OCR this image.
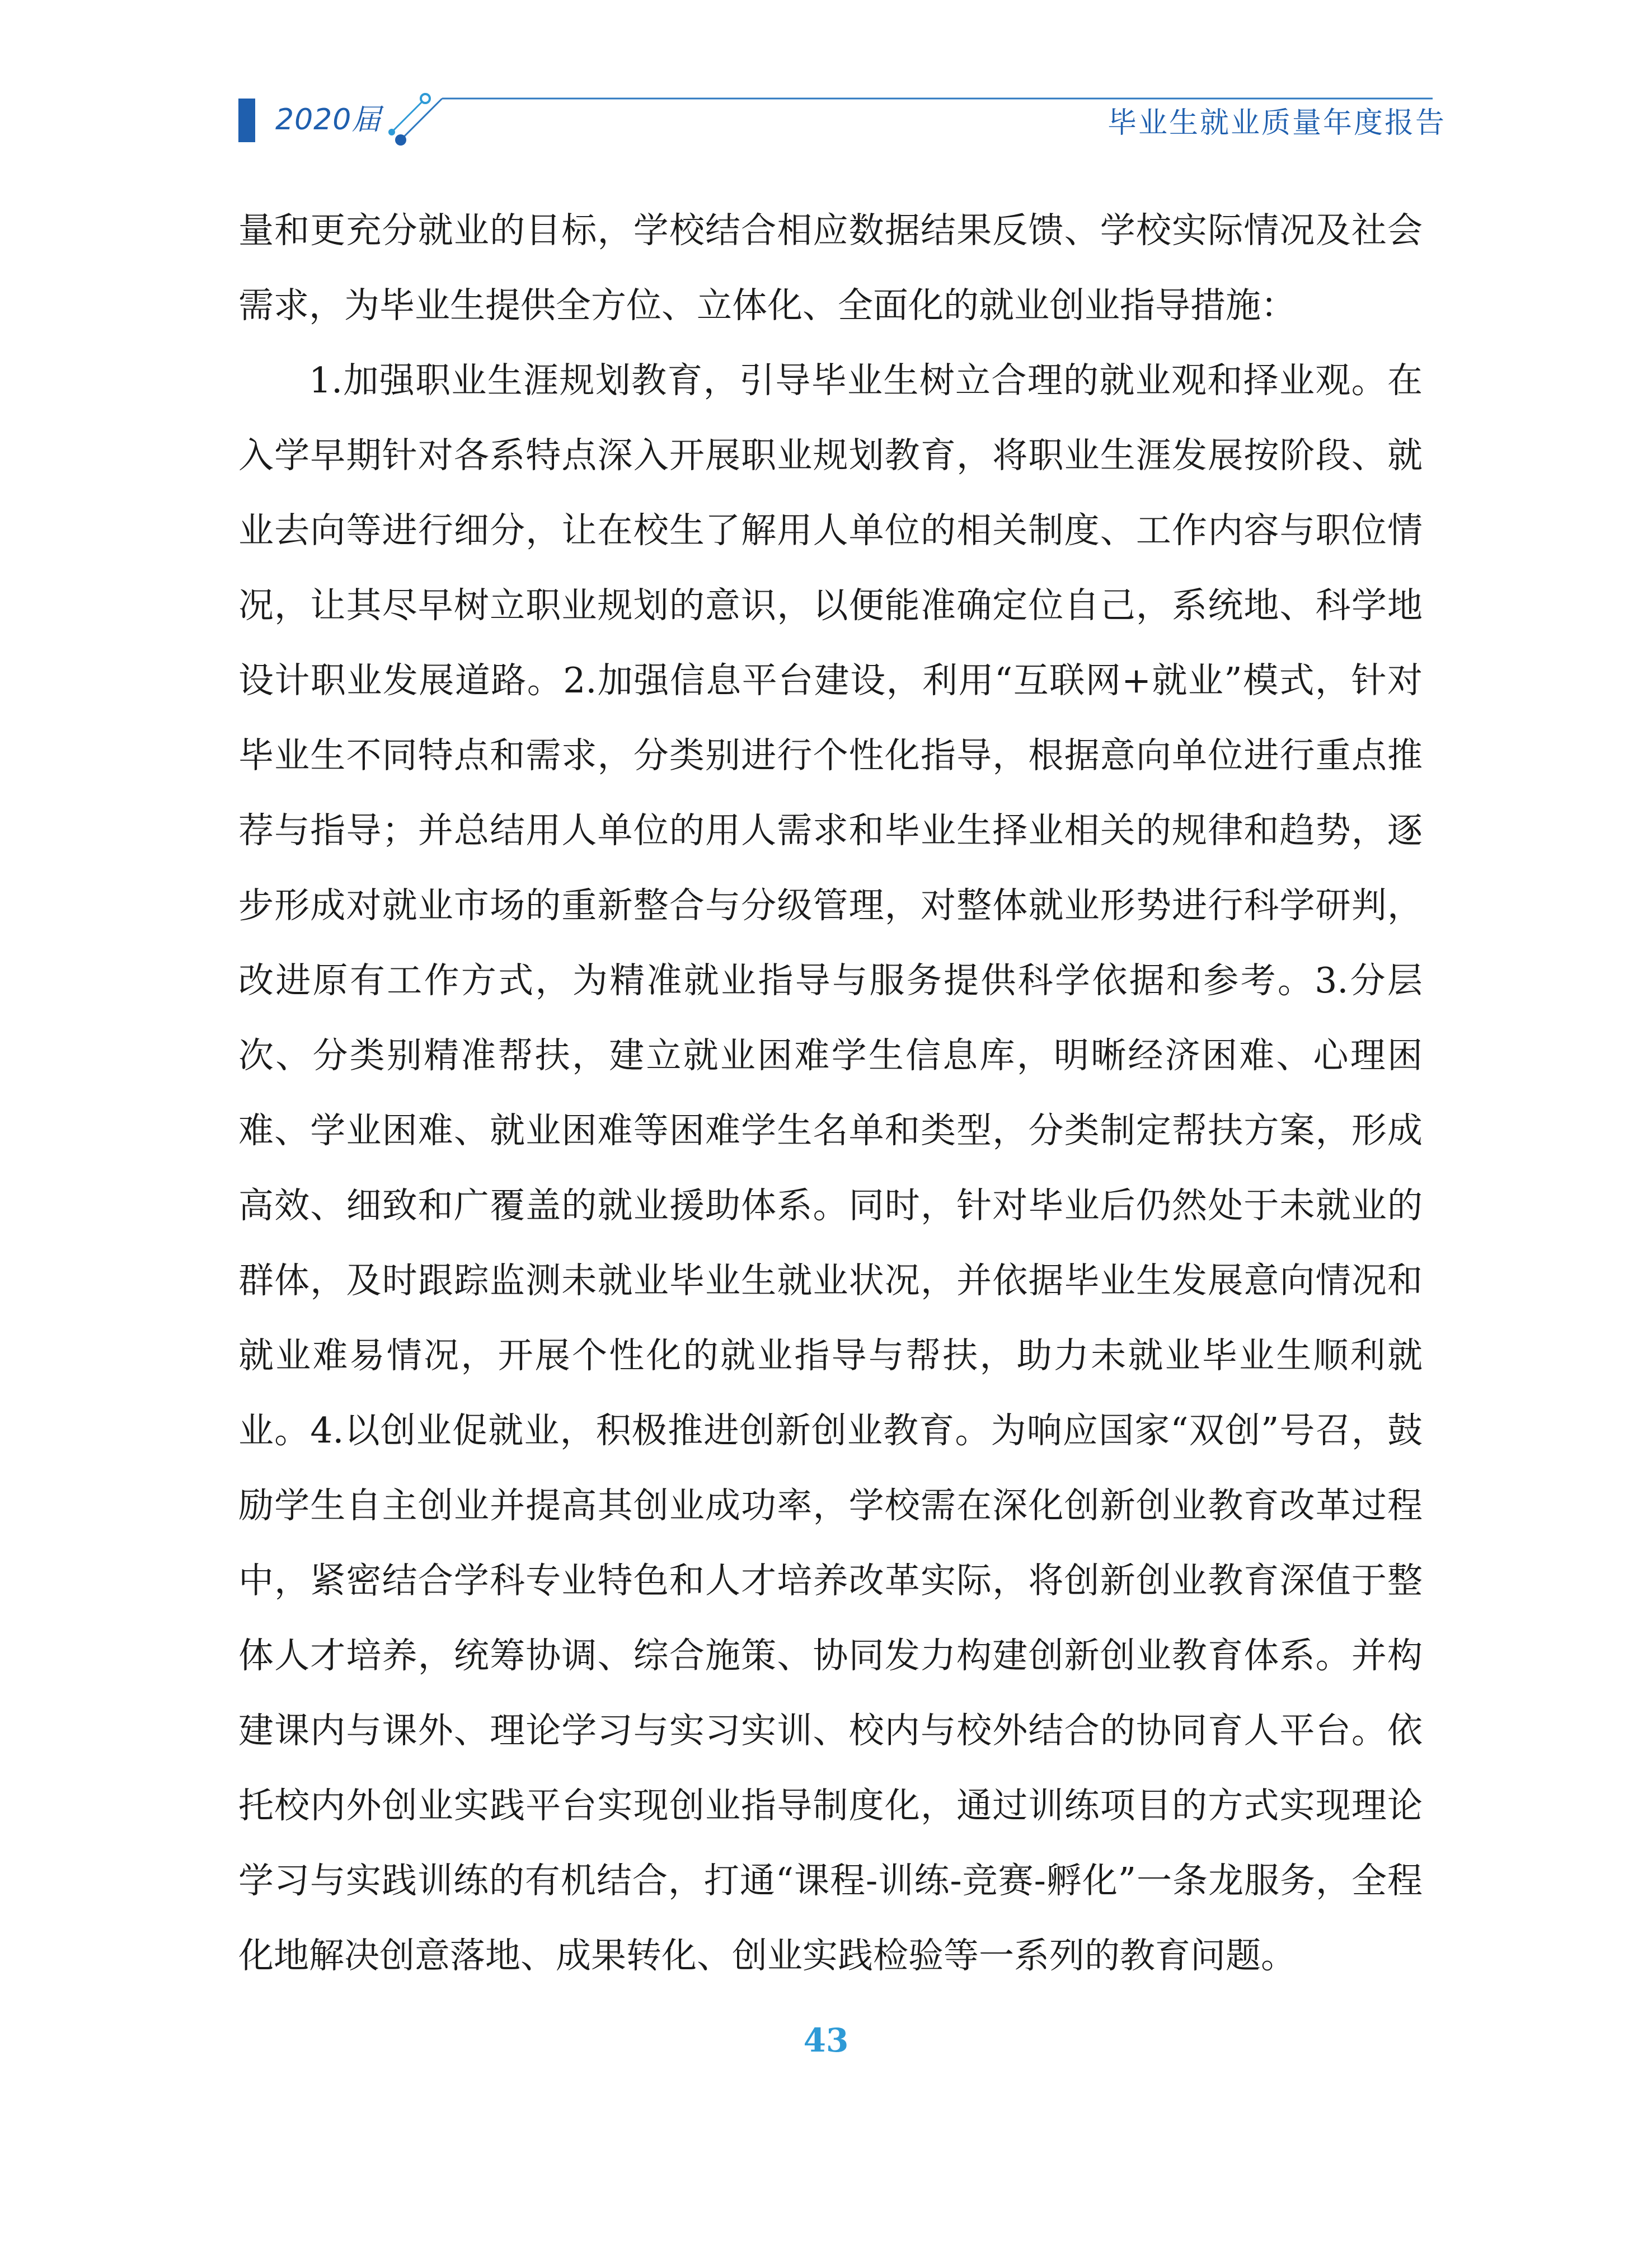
2020届	毕业生就业质量年度报告

量和更充分就业的目标，学校结合相应数据结果反馈、学校实际情况及社会需求，为毕业生提供全方位、立体化、全面化的就业创业指导措施：

1.加强职业生涯规划教育，引导毕业生树立合理的就业观和择业观。在入学早期针对各系特点深入开展职业规划教育，将职业生涯发展按阶段、就业去向等进行细分，让在校生了解用人单位的相关制度、工作内容与职位情况，让其尽早树立职业规划的意识，以便能准确定位自己，系统地、科学地设计职业发展道路。2.加强信息平台建设，利用“互联网+就业”模式，针对毕业生不同特点和需求，分类别进行个性化指导，根据意向单位进行重点推荐与指导；并总结用人单位的用人需求和毕业生择业相关的规律和趋势，逐步形成对就业市场的重新整合与分级管理，对整体就业形势进行科学研判，改进原有工作方式，为精准就业指导与服务提供科学依据和参考。3.分层次、分类别精准帮扶，建立就业困难学生信息库，明晰经济困难、心理困难、学业困难、就业困难等困难学生名单和类型，分类制定帮扶方案，形成高效、细致和广覆盖的就业援助体系。同时，针对毕业后仍然处于未就业的群体，及时跟踪监测未就业毕业生就业状况，并依据毕业生发展意向情况和就业难易情况，开展个性化的就业指导与帮扶，助力未就业毕业生顺利就业。4.以创业促就业，积极推进创新创业教育。为响应国家“双创”号召，鼓励学生自主创业并提高其创业成功率，学校需在深化创新创业教育改革过程中，紧密结合学科专业特色和人才培养改革实际，将创新创业教育深值于整体人才培养，统筹协调、综合施策、协同发力构建创新创业教育体系。并构建课内与课外、理论学习与实习实训、校内与校外结合的协同育人平台。依托校内外创业实践平台实现创业指导制度化，通过训练项目的方式实现理论学习与实践训练的有机结合，打通“课程-训练-竞赛-孵化”一条龙服务，全程化地解决创意落地、成果转化、创业实践检验等一系列的教育问题。

43
